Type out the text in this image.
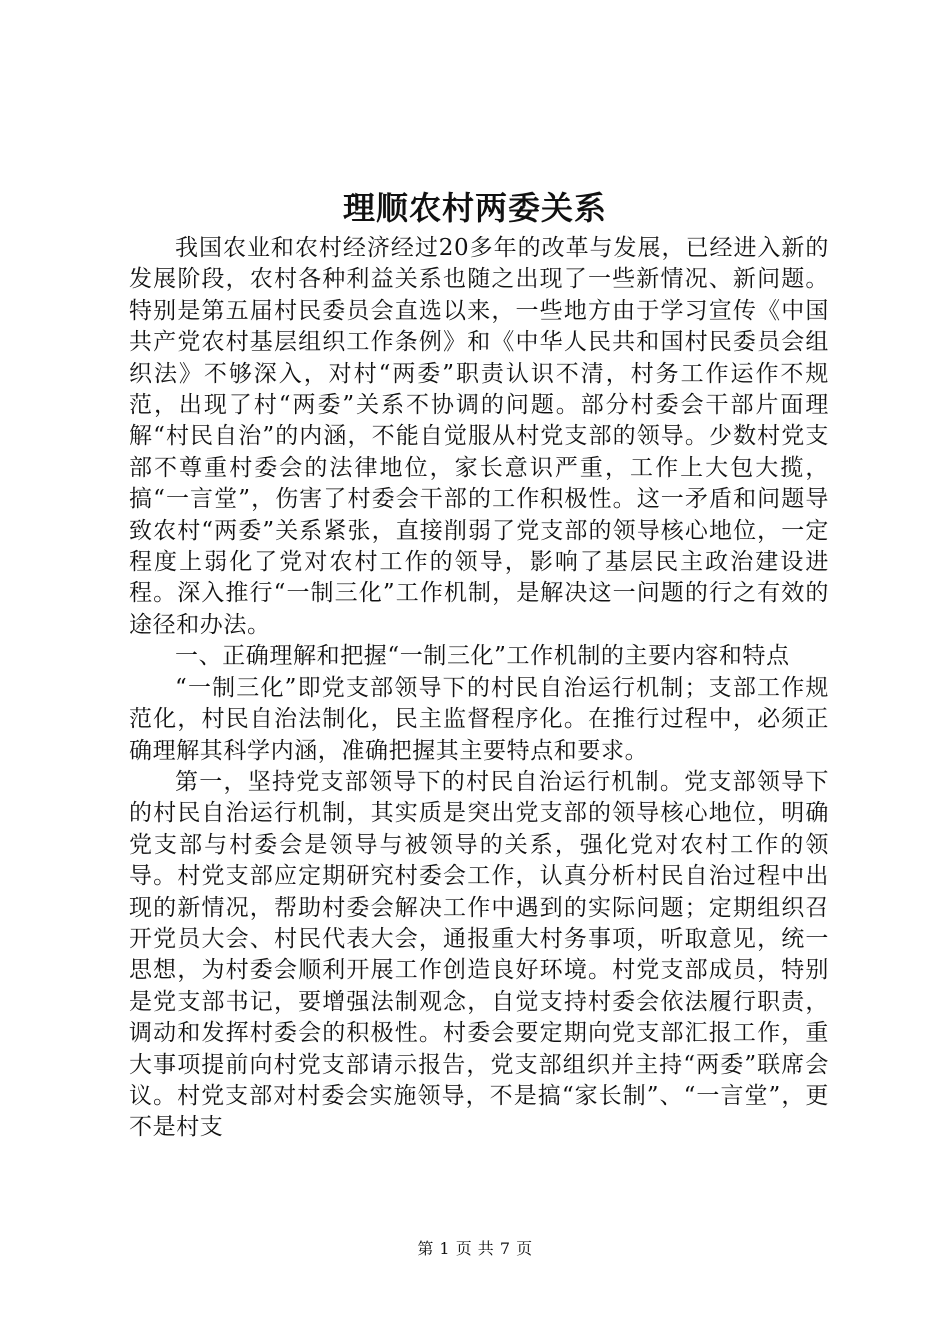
理顺农村两委关系

我国农业和农村经济经过20多年的改革与发展，已经进入新的发展阶段，农村各种利益关系也随之出现了一些新情况、新问题。特别是第五届村民委员会直选以来，一些地方由于学习宣传《中国共产党农村基层组织工作条例》和《中华人民共和国村民委员会组织法》不够深入，对村“两委”职责认识不清，村务工作运作不规范，出现了村“两委”关系不协调的问题。部分村委会干部片面理解“村民自治”的内涵，不能自觉服从村党支部的领导。少数村党支部不尊重村委会的法律地位，家长意识严重，工作上大包大揽，搞“一言堂”，伤害了村委会干部的工作积极性。这一矛盾和问题导致农村“两委”关系紧张，直接削弱了党支部的领导核心地位，一定程度上弱化了党对农村工作的领导，影响了基层民主政治建设进程。深入推行“一制三化”工作机制，是解决这一问题的行之有效的途径和办法。

一、正确理解和把握“一制三化”工作机制的主要内容和特点

“一制三化”即党支部领导下的村民自治运行机制；支部工作规范化，村民自治法制化，民主监督程序化。在推行过程中，必须正确理解其科学内涵，准确把握其主要特点和要求。

第一，坚持党支部领导下的村民自治运行机制。党支部领导下的村民自治运行机制，其实质是突出党支部的领导核心地位，明确党支部与村委会是领导与被领导的关系，强化党对农村工作的领导。村党支部应定期研究村委会工作，认真分析村民自治过程中出现的新情况，帮助村委会解决工作中遇到的实际问题；定期组织召开党员大会、村民代表大会，通报重大村务事项，听取意见，统一思想，为村委会顺利开展工作创造良好环境。村党支部成员，特别是党支部书记，要增强法制观念，自觉支持村委会依法履行职责，调动和发挥村委会的积极性。村委会要定期向党支部汇报工作，重大事项提前向村党支部请示报告，党支部组织并主持“两委”联席会议。村党支部对村委会实施领导，不是搞“家长制”、“一言堂”，更不是村支

第 1 页 共 7 页
